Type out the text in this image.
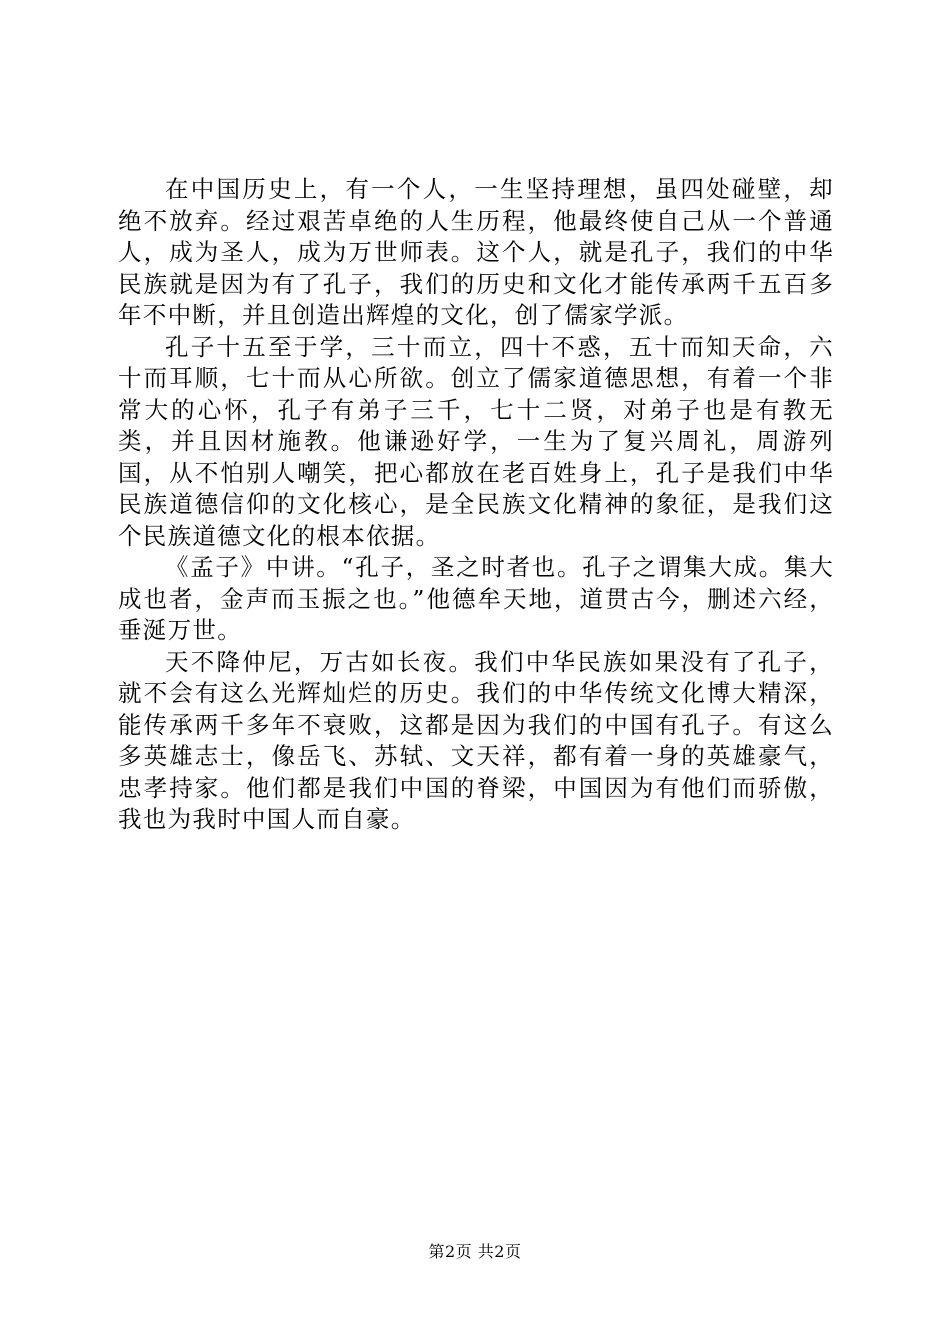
在中国历史上，有一个人，一生坚持理想，虽四处碰壁，却绝不放弃。经过艰苦卓绝的人生历程，他最终使自己从一个普通人，成为圣人，成为万世师表。这个人，就是孔子，我们的中华民族就是因为有了孔子，我们的历史和文化才能传承两千五百多年不中断，并且创造出辉煌的文化，创了儒家学派。

孔子十五至于学，三十而立，四十不惑，五十而知天命，六十而耳顺，七十而从心所欲。创立了儒家道德思想，有着一个非常大的心怀，孔子有弟子三千，七十二贤，对弟子也是有教无类，并且因材施教。他谦逊好学，一生为了复兴周礼，周游列国，从不怕别人嘲笑，把心都放在老百姓身上，孔子是我们中华民族道德信仰的文化核心，是全民族文化精神的象征，是我们这个民族道德文化的根本依据。

《孟子》中讲。“孔子，圣之时者也。孔子之谓集大成。集大成也者，金声而玉振之也。”他德牟天地，道贯古今，删述六经，垂涎万世。

天不降仲尼，万古如长夜。我们中华民族如果没有了孔子，就不会有这么光辉灿烂的历史。我们的中华传统文化博大精深，能传承两千多年不衰败，这都是因为我们的中国有孔子。有这么多英雄志士，像岳飞、苏轼、文天祥，都有着一身的英雄豪气，忠孝持家。他们都是我们中国的脊梁，中国因为有他们而骄傲，我也为我时中国人而自豪。

第2页 共2页
